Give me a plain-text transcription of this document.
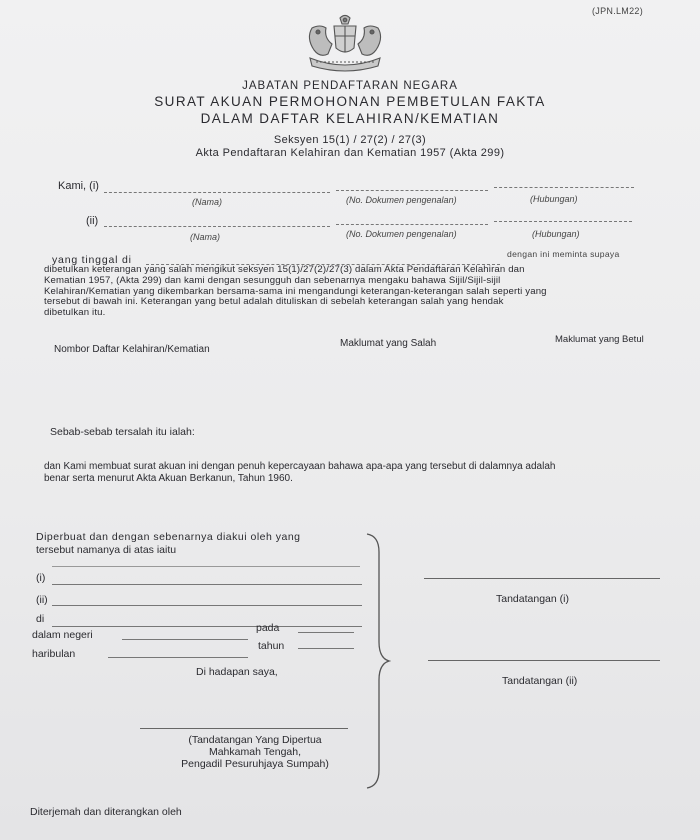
(JPN.LM22)
JABATAN PENDAFTARAN NEGARA
SURAT AKUAN PERMOHONAN PEMBETULAN FAKTA
DALAM DAFTAR KELAHIRAN/KEMATIAN
Seksyen 15(1) / 27(2) / 27(3)
Akta Pendaftaran Kelahiran dan Kematian 1957 (Akta 299)
Kami, (i)
(Nama)	(No. Dokumen pengenalan)	(Hubungan)
(ii)
(Nama)	(No. Dokumen pengenalan)	(Hubungan)
yang tinggal di	dengan ini meminta supaya
dibetulkan keterangan yang salah mengikut seksyen 15(1)/27(2)/27(3) dalam Akta Pendaftaran Kelahiran dan
Kematian 1957, (Akta 299) dan kami dengan sesungguh dan sebenarnya mengaku bahawa Sijil/Sijil-sijil
Kelahiran/Kematian yang dikembarkan bersama-sama ini mengandungi keterangan-keterangan salah seperti yang
tersebut di bawah ini. Keterangan yang betul adalah dituliskan di sebelah keterangan salah yang hendak
dibetulkan itu.
Nombor Daftar Kelahiran/Kematian
Maklumat yang Salah	Maklumat yang Betul
Sebab-sebab tersalah itu ialah:
dan Kami membuat surat akuan ini dengan penuh kepercayaan bahawa apa-apa yang tersebut di dalamnya adalah
benar serta menurut Akta Akuan Berkanun, Tahun 1960.
Diperbuat dan dengan sebenarnya diakui oleh yang
tersebut namanya di atas iaitu
(i)
(ii)
di
dalam negeri
pada
haribulan
tahun
Di hadapan saya,
(Tandatangan Yang Dipertua
Mahkamah Tengah,
Pengadil Pesuruhjaya Sumpah)
Tandatangan (i)
Tandatangan (ii)
Diterjemah dan diterangkan oleh
